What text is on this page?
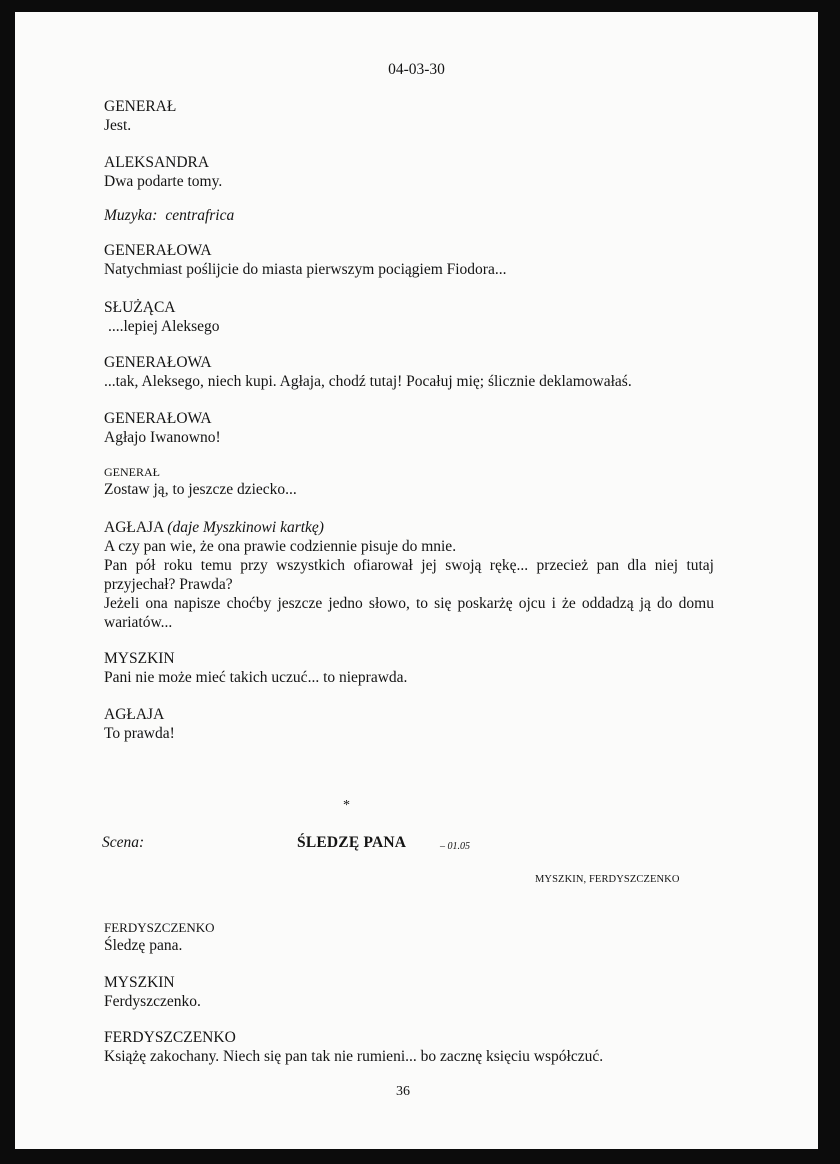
04-03-30
GENERAŁ
Jest.
ALEKSANDRA
Dwa podarte tomy.
Muzyka: centrafrica
GENERAŁOWA
Natychmiast poślijcie do miasta pierwszym pociągiem Fiodora...
SŁUŻĄCA
....lepiej Aleksego
GENERAŁOWA
...tak, Aleksego, niech kupi. Agłaja, chodź tutaj! Pocałuj mię; ślicznie deklamowałaś.
GENERAŁOWA
Agłajo Iwanowno!
GENERAŁ
Zostaw ją, to jeszcze dziecko...
AGŁAJA (daje Myszkinowi kartkę)
A czy pan wie, że ona prawie codziennie pisuje do mnie.
Pan pół roku temu przy wszystkich ofiarował jej swoją rękę... przecież pan dla niej tutaj przyjechał? Prawda?
Jeżeli ona napisze choćby jeszcze jedno słowo, to się poskarżę ojcu i że oddadzą ją do domu wariatów...
MYSZKIN
Pani nie może mieć takich uczuć... to nieprawda.
AGŁAJA
To prawda!
*
Scena:	ŚLEDZĘ PANA	– 01.05
MYSZKIN, FERDYSZCZENKO
FERDYSZCZENKO
Śledzę pana.
MYSZKIN
Ferdyszczenko.
FERDYSZCZENKO
Książę zakochany. Niech się pan tak nie rumieni... bo zacznę księciu współczuć.
36
